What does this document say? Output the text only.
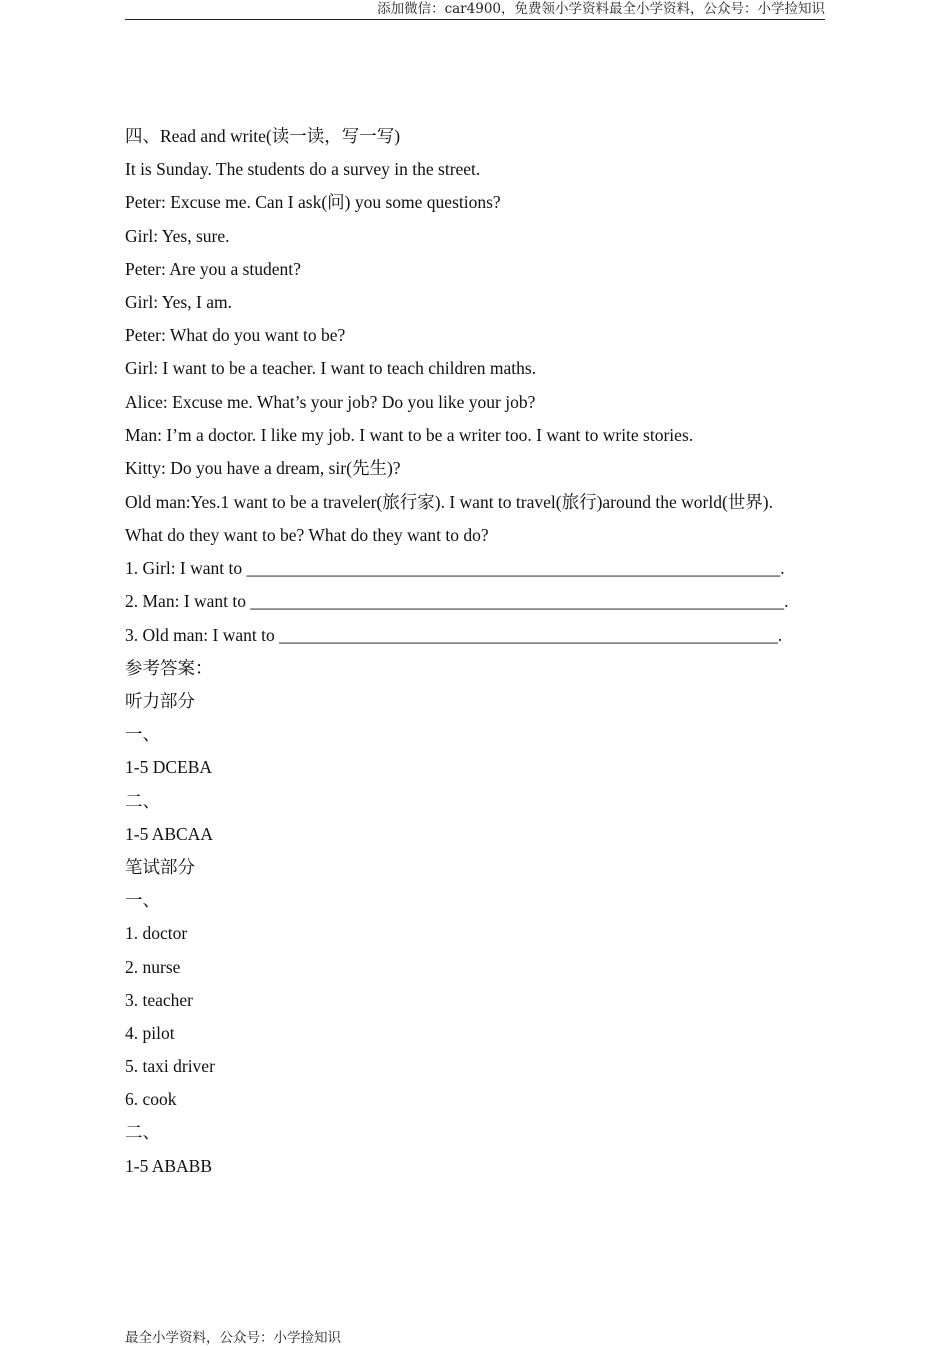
添加微信：car4900，免费领小学资料最全小学资料，公众号：小学捡知识
四、Read and write(读一读，写一写)
It is Sunday. The students do a survey in the street.
Peter: Excuse me. Can I ask(问) you some questions?
Girl: Yes, sure.
Peter: Are you a student?
Girl: Yes, I am.
Peter: What do you want to be?
Girl: I want to be a teacher. I want to teach children maths.
Alice: Excuse me. What’s your job? Do you like your job?
Man: I’m a doctor. I like my job. I want to be a writer too. I want to write stories.
Kitty: Do you have a dream, sir(先生)?
Old man:Yes.1 want to be a traveler(旅行家). I want to travel(旅行)around the world(世界).
What do they want to be? What do they want to do?
1. Girl: I want to _____________________________________________________________.
2. Man: I want to _____________________________________________________________.
3. Old man: I want to _________________________________________________________.
参考答案：
听力部分
一、
1-5 DCEBA
二、
1-5 ABCAA
笔试部分
一、
1. doctor
2. nurse
3. teacher
4. pilot
5. taxi driver
6. cook
二、
1-5 ABABB
最全小学资料，公众号：小学捡知识
